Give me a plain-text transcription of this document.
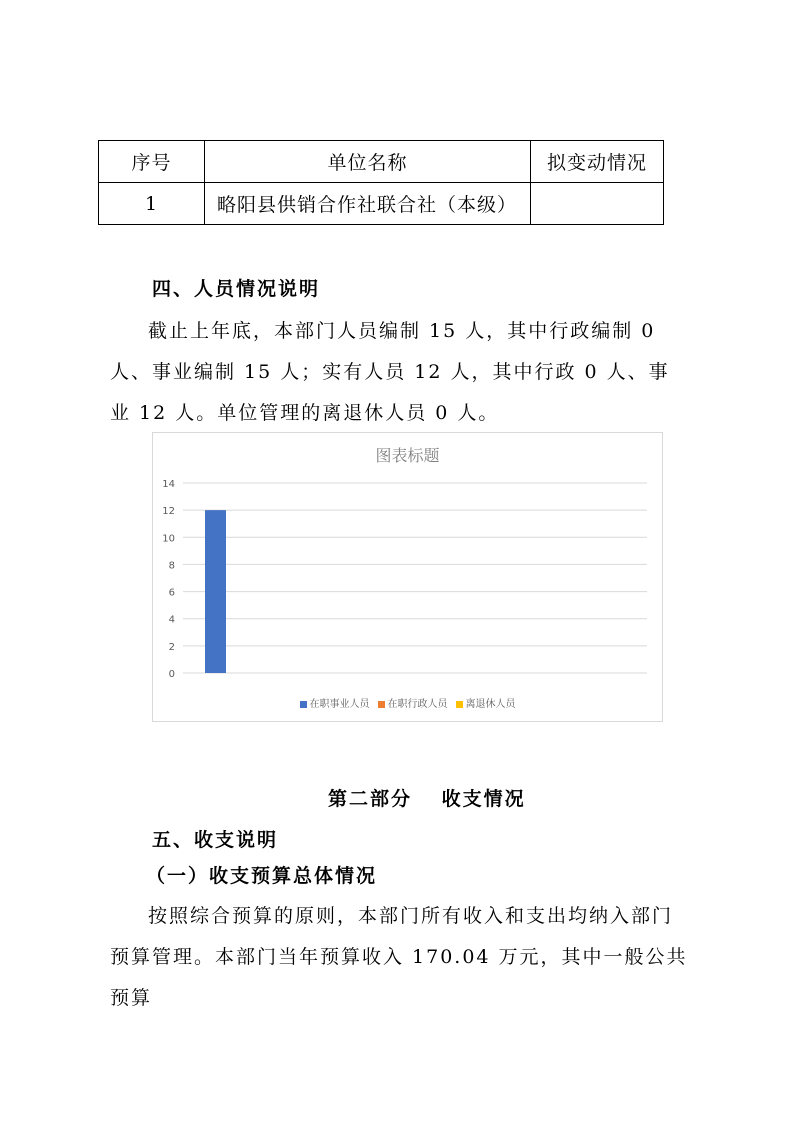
序号	单位名称	拟变动情况
1	略阳县供销合作社联合社（本级）	
四、人员情况说明
截止上年底，本部门人员编制 15 人，其中行政编制 0 人、事业编制 15 人；实有人员 12 人，其中行政 0 人、事业 12 人。单位管理的离退休人员 0 人。
图表标题
0
2
4
6
8
10
12
14
在职事业人员 在职行政人员 离退休人员
第二部分　 收支情况
五、收支说明
（一）收支预算总体情况
按照综合预算的原则，本部门所有收入和支出均纳入部门预算管理。本部门当年预算收入 170.04 万元，其中一般公共预算
